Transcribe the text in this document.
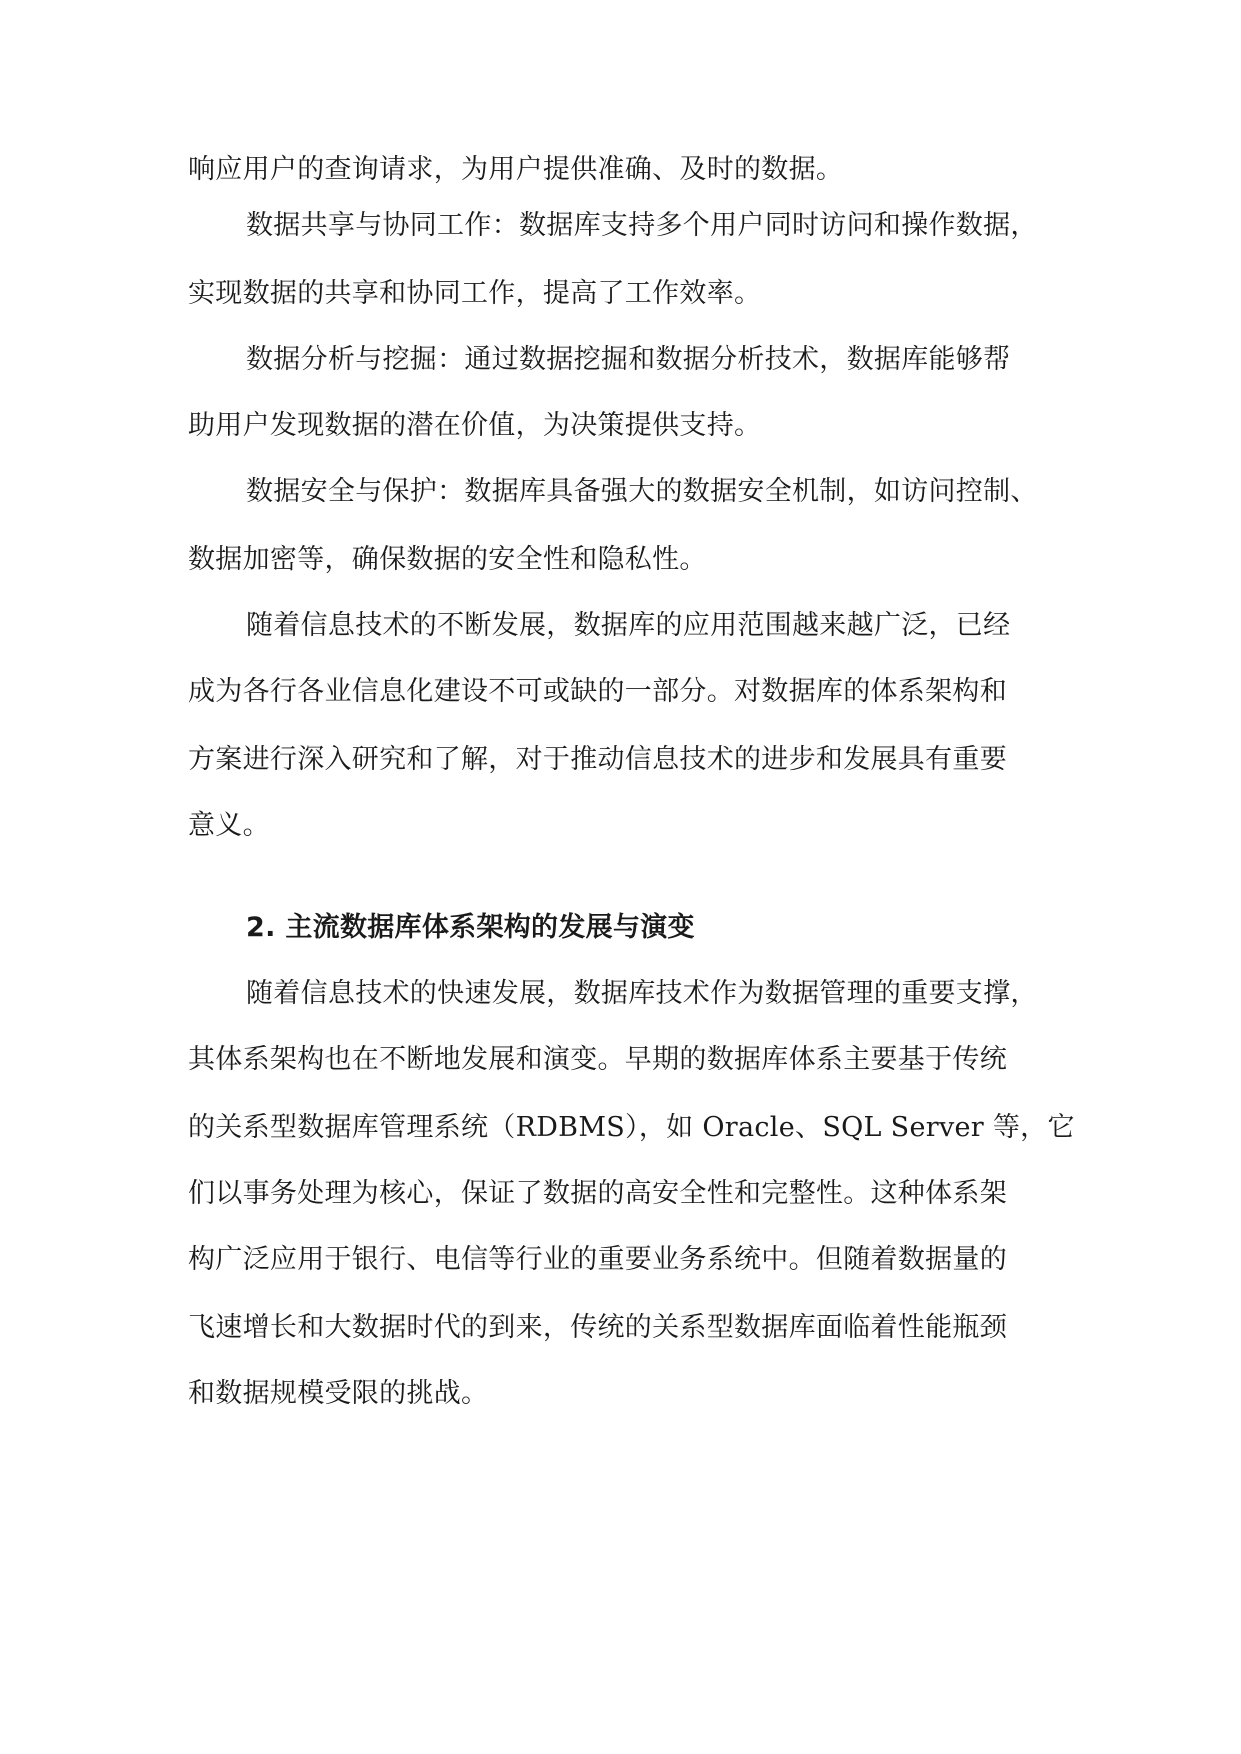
响应用户的查询请求，为用户提供准确、及时的数据。
数据共享与协同工作：数据库支持多个用户同时访问和操作数据，
实现数据的共享和协同工作，提高了工作效率。
数据分析与挖掘：通过数据挖掘和数据分析技术，数据库能够帮
助用户发现数据的潜在价值，为决策提供支持。
数据安全与保护：数据库具备强大的数据安全机制，如访问控制、
数据加密等，确保数据的安全性和隐私性。
随着信息技术的不断发展，数据库的应用范围越来越广泛，已经
成为各行各业信息化建设不可或缺的一部分。对数据库的体系架构和
方案进行深入研究和了解，对于推动信息技术的进步和发展具有重要
意义。
2. 主流数据库体系架构的发展与演变
随着信息技术的快速发展，数据库技术作为数据管理的重要支撑，
其体系架构也在不断地发展和演变。早期的数据库体系主要基于传统
的关系型数据库管理系统（RDBMS），如 Oracle、SQL Server 等，它
们以事务处理为核心，保证了数据的高安全性和完整性。这种体系架
构广泛应用于银行、电信等行业的重要业务系统中。但随着数据量的
飞速增长和大数据时代的到来，传统的关系型数据库面临着性能瓶颈
和数据规模受限的挑战。
